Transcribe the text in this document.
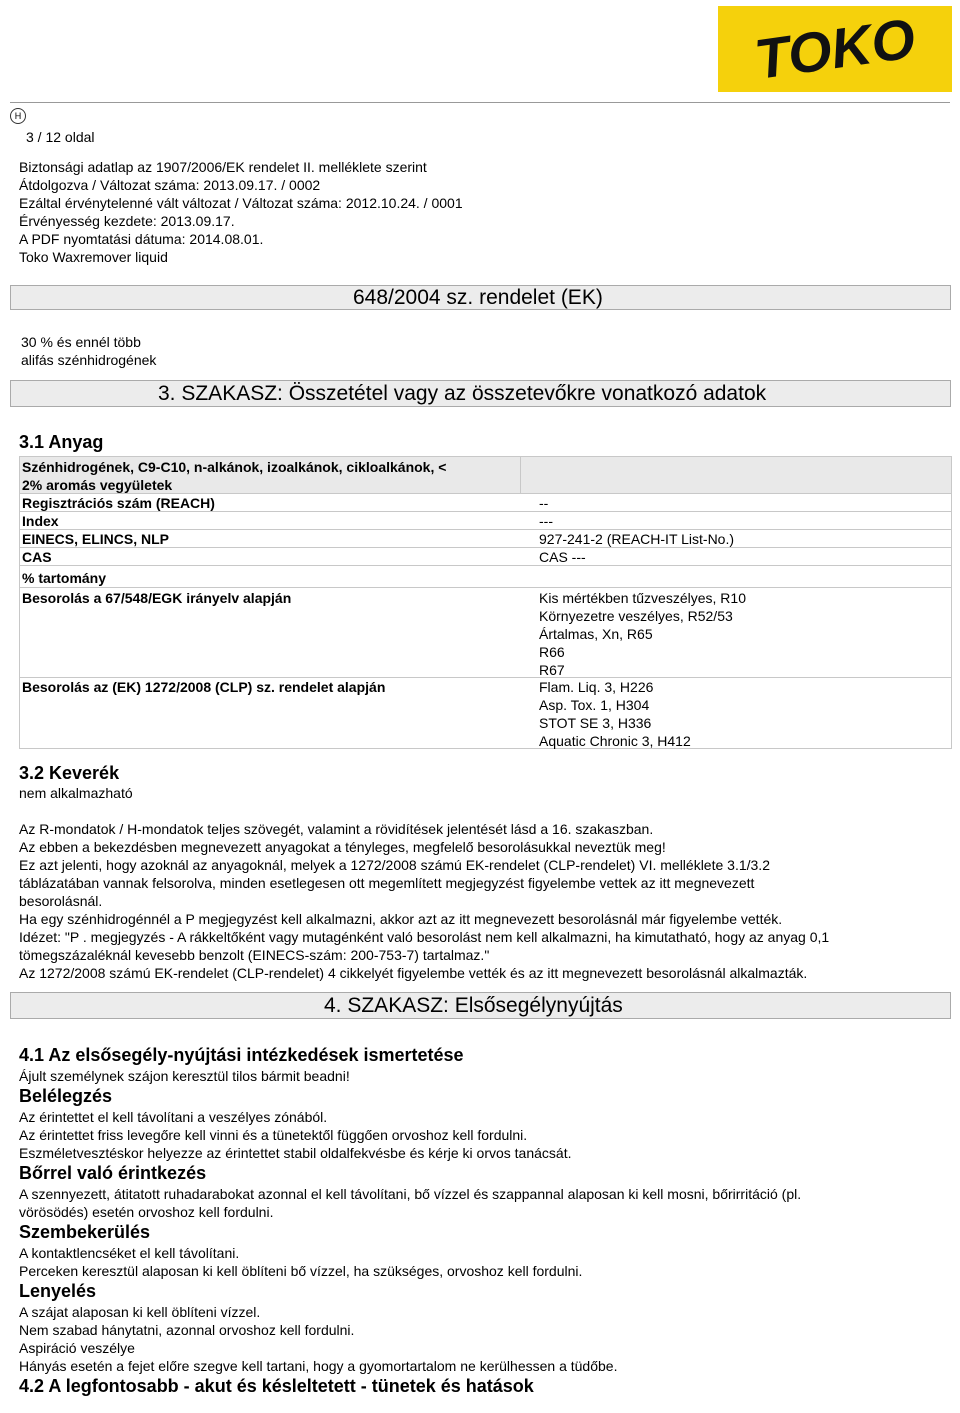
TOKO
H
3 / 12 oldal
Biztonsági adatlap az 1907/2006/EK rendelet II. melléklete szerint
Átdolgozva / Változat száma: 2013.09.17. / 0002
Ezáltal érvénytelenné vált változat / Változat száma: 2012.10.24. / 0001
Érvényesség kezdete: 2013.09.17.
A PDF nyomtatási dátuma: 2014.08.01.
Toko Waxremover liquid
648/2004 sz. rendelet (EK)
30 % és ennél több
alifás szénhidrogének
3. SZAKASZ: Összetétel vagy az összetevőkre vonatkozó adatok
3.1 Anyag
Szénhidrogének, C9-C10, n-alkánok, izoalkánok, cikloalkánok, <
2% aromás vegyületek
Regisztrációs szám (REACH)	--
Index	---
EINECS, ELINCS, NLP	927-241-2 (REACH-IT List-No.)
CAS	CAS ---
% tartomány
Besorolás a 67/548/EGK irányelv alapján	Kis mértékben tűzveszélyes, R10
Környezetre veszélyes, R52/53
Ártalmas, Xn, R65
R66
R67
Besorolás az (EK) 1272/2008 (CLP) sz. rendelet alapján	Flam. Liq. 3, H226
Asp. Tox. 1, H304
STOT SE 3, H336
Aquatic Chronic 3, H412
3.2 Keverék
nem alkalmazható
Az R-mondatok / H-mondatok teljes szövegét, valamint a rövidítések jelentését lásd a 16. szakaszban.
Az ebben a bekezdésben megnevezett anyagokat a tényleges, megfelelő besorolásukkal neveztük meg!
Ez azt jelenti, hogy azoknál az anyagoknál, melyek a 1272/2008 számú EK-rendelet (CLP-rendelet) VI. melléklete 3.1/3.2
táblázatában vannak felsorolva, minden esetlegesen ott megemlített megjegyzést figyelembe vettek az itt megnevezett
besorolásnál.
Ha egy szénhidrogénnél a P megjegyzést kell alkalmazni, akkor azt az itt megnevezett besorolásnál már figyelembe vették.
Idézet: "P . megjegyzés - A rákkeltőként vagy mutagénként való besorolást nem kell alkalmazni, ha kimutatható, hogy az anyag 0,1
tömegszázaléknál kevesebb benzolt (EINECS-szám: 200-753-7) tartalmaz."
Az 1272/2008 számú EK-rendelet (CLP-rendelet) 4 cikkelyét figyelembe vették és az itt megnevezett besorolásnál alkalmazták.
4. SZAKASZ: Elsősegélynyújtás
4.1 Az elsősegély-nyújtási intézkedések ismertetése
Ájult személynek szájon keresztül tilos bármit beadni!
Belélegzés
Az érintettet el kell távolítani a veszélyes zónából.
Az érintettet friss levegőre kell vinni és a tünetektől függően orvoshoz kell fordulni.
Eszméletvesztéskor helyezze az érintettet stabil oldalfekvésbe és kérje ki orvos tanácsát.
Bőrrel való érintkezés
A szennyezett, átitatott ruhadarabokat azonnal el kell távolítani, bő vízzel és szappannal alaposan ki kell mosni, bőrirritáció (pl.
vörösödés) esetén orvoshoz kell fordulni.
Szembekerülés
A kontaktlencséket el kell távolítani.
Perceken keresztül alaposan ki kell öblíteni bő vízzel, ha szükséges, orvoshoz kell fordulni.
Lenyelés
A szájat alaposan ki kell öblíteni vízzel.
Nem szabad hánytatni, azonnal orvoshoz kell fordulni.
Aspiráció veszélye
Hányás esetén a fejet előre szegve kell tartani, hogy a gyomortartalom ne kerülhessen a tüdőbe.
4.2 A legfontosabb - akut és késleltetett - tünetek és hatások
